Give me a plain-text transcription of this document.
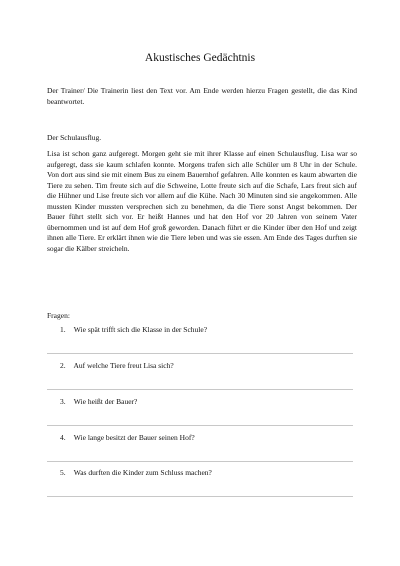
Akustisches Gedächtnis
Der Trainer/ Die Trainerin liest den Text vor. Am Ende werden hierzu Fragen gestellt, die das Kind beantwortet.
Der Schulausflug.
Lisa ist schon ganz aufgeregt. Morgen geht sie mit ihrer Klasse auf einen Schulausflug. Lisa war so aufgeregt, dass sie kaum schlafen konnte. Morgens trafen sich alle Schüler um 8 Uhr in der Schule. Von dort aus sind sie mit einem Bus zu einem Bauernhof gefahren. Alle konnten es kaum abwarten die Tiere zu sehen. Tim freute sich auf die Schweine, Lotte freute sich auf die Schafe, Lars freut sich auf die Hühner und Lise freute sich vor allem auf die Kühe. Nach 30 Minuten sind sie angekommen. Alle mussten Kinder mussten versprechen sich zu benehmen, da die Tiere sonst Angst bekommen. Der Bauer führt stellt sich vor. Er heißt Hannes und hat den Hof vor 20 Jahren von seinem Vater übernommen und ist auf dem Hof groß geworden. Danach führt er die Kinder über den Hof und zeigt ihnen alle Tiere. Er erklärt ihnen wie die Tiere leben und was sie essen. Am Ende des Tages durften sie sogar die Kälber streicheln.
Fragen:
1. Wie spät trifft sich die Klasse in der Schule?
2. Auf welche Tiere freut Lisa sich?
3. Wie heißt der Bauer?
4. Wie lange besitzt der Bauer seinen Hof?
5. Was durften die Kinder zum Schluss machen?
